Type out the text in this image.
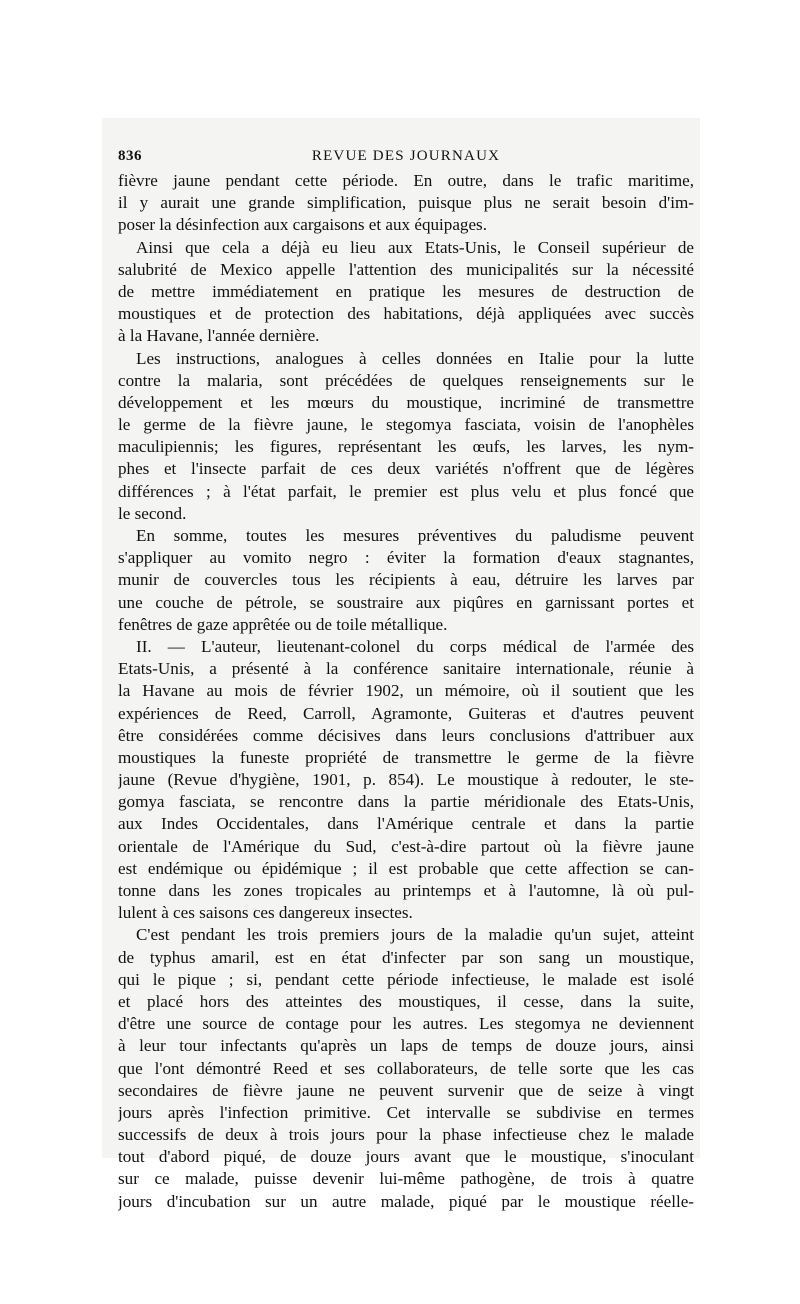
836	REVUE DES JOURNAUX
fièvre jaune pendant cette période. En outre, dans le trafic maritime,
il y aurait une grande simplification, puisque plus ne serait besoin d'im-
poser la désinfection aux cargaisons et aux équipages.
Ainsi que cela a déjà eu lieu aux Etats-Unis, le Conseil supérieur de
salubrité de Mexico appelle l'attention des municipalités sur la nécessité
de mettre immédiatement en pratique les mesures de destruction de
moustiques et de protection des habitations, déjà appliquées avec succès
à la Havane, l'année dernière.
Les instructions, analogues à celles données en Italie pour la lutte
contre la malaria, sont précédées de quelques renseignements sur le
développement et les mœurs du moustique, incriminé de transmettre
le germe de la fièvre jaune, le stegomya fasciata, voisin de l'anophèles
maculipiennis; les figures, représentant les œufs, les larves, les nym-
phes et l'insecte parfait de ces deux variétés n'offrent que de légères
différences ; à l'état parfait, le premier est plus velu et plus foncé que
le second.
En somme, toutes les mesures préventives du paludisme peuvent
s'appliquer au vomito negro : éviter la formation d'eaux stagnantes,
munir de couvercles tous les récipients à eau, détruire les larves par
une couche de pétrole, se soustraire aux piqûres en garnissant portes et
fenêtres de gaze apprêtée ou de toile métallique.
II. — L'auteur, lieutenant-colonel du corps médical de l'armée des
Etats-Unis, a présenté à la conférence sanitaire internationale, réunie à
la Havane au mois de février 1902, un mémoire, où il soutient que les
expériences de Reed, Carroll, Agramonte, Guiteras et d'autres peuvent
être considérées comme décisives dans leurs conclusions d'attribuer aux
moustiques la funeste propriété de transmettre le germe de la fièvre
jaune (Revue d'hygiène, 1901, p. 854). Le moustique à redouter, le ste-
gomya fasciata, se rencontre dans la partie méridionale des Etats-Unis,
aux Indes Occidentales, dans l'Amérique centrale et dans la partie
orientale de l'Amérique du Sud, c'est-à-dire partout où la fièvre jaune
est endémique ou épidémique ; il est probable que cette affection se can-
tonne dans les zones tropicales au printemps et à l'automne, là où pul-
lulent à ces saisons ces dangereux insectes.
C'est pendant les trois premiers jours de la maladie qu'un sujet, atteint
de typhus amaril, est en état d'infecter par son sang un moustique,
qui le pique ; si, pendant cette période infectieuse, le malade est isolé
et placé hors des atteintes des moustiques, il cesse, dans la suite,
d'être une source de contage pour les autres. Les stegomya ne deviennent
à leur tour infectants qu'après un laps de temps de douze jours, ainsi
que l'ont démontré Reed et ses collaborateurs, de telle sorte que les cas
secondaires de fièvre jaune ne peuvent survenir que de seize à vingt
jours après l'infection primitive. Cet intervalle se subdivise en termes
successifs de deux à trois jours pour la phase infectieuse chez le malade
tout d'abord piqué, de douze jours avant que le moustique, s'inoculant
sur ce malade, puisse devenir lui-même pathogène, de trois à quatre
jours d'incubation sur un autre malade, piqué par le moustique réelle-
